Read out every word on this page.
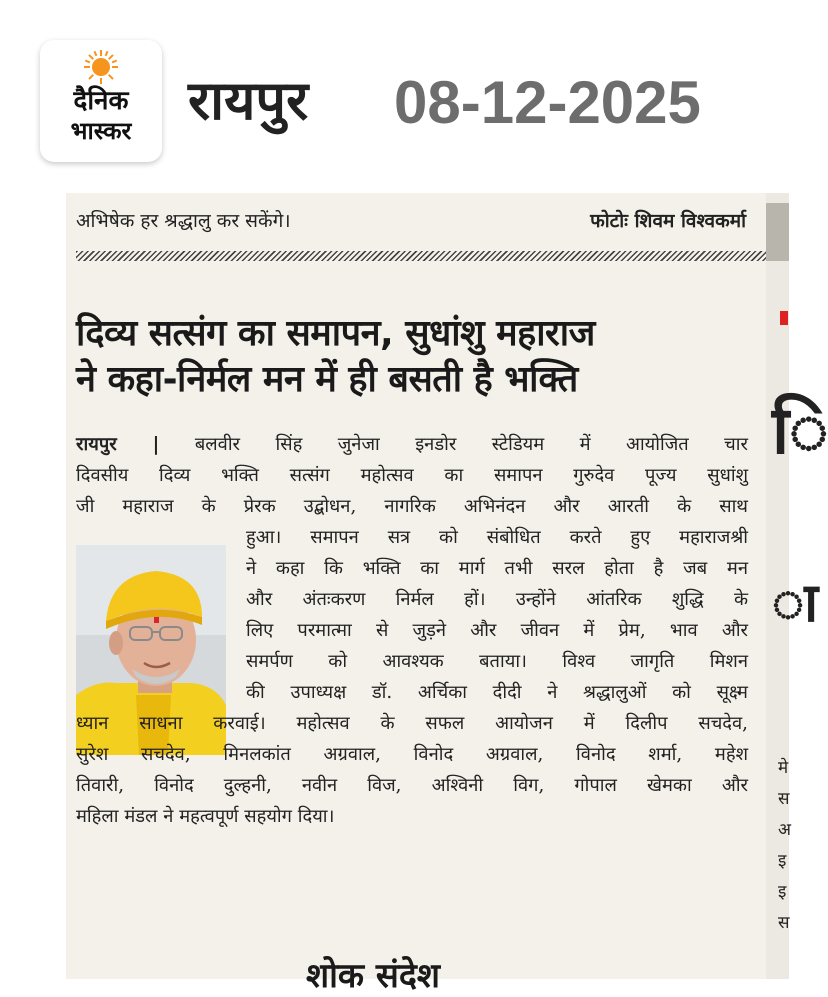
दैनिक
भास्कर	रायपुर 08-12-2025
अभिषेक हर श्रद्धालु कर सकेंगे।	फोटोः शिवम विश्वकर्मा
दिव्य सत्संग का समापन, सुधांशु महाराज
ने कहा-निर्मल मन में ही बसती है भक्ति
रायपुर | बलवीर सिंह जुनेजा इनडोर स्टेडियम में आयोजित चार
दिवसीय दिव्य भक्ति सत्संग महोत्सव का समापन गुरुदेव पूज्य सुधांशु
जी महाराज के प्रेरक उद्बोधन, नागरिक अभिनंदन और आरती के साथ
हुआ। समापन सत्र को संबोधित करते हुए महाराजश्री
ने कहा कि भक्ति का मार्ग तभी सरल होता है जब मन
और अंतःकरण निर्मल हों। उन्होंने आंतरिक शुद्धि के
लिए परमात्मा से जुड़ने और जीवन में प्रेम, भाव और
समर्पण को आवश्यक बताया। विश्व जागृति मिशन
की उपाध्यक्ष डॉ. अर्चिका दीदी ने श्रद्धालुओं को सूक्ष्म
ध्यान साधना करवाई। महोत्सव के सफल आयोजन में दिलीप सचदेव,
सुरेश सचदेव, मिनलकांत अग्रवाल, विनोद अग्रवाल, विनोद शर्मा, महेश
तिवारी, विनोद दुल्हनी, नवीन विज, अश्विनी विग, गोपाल खेमका और
महिला मंडल ने महत्वपूर्ण सहयोग दिया।
शोक संदेश
ि
ा
मे
स
अ
इ
इ
स
